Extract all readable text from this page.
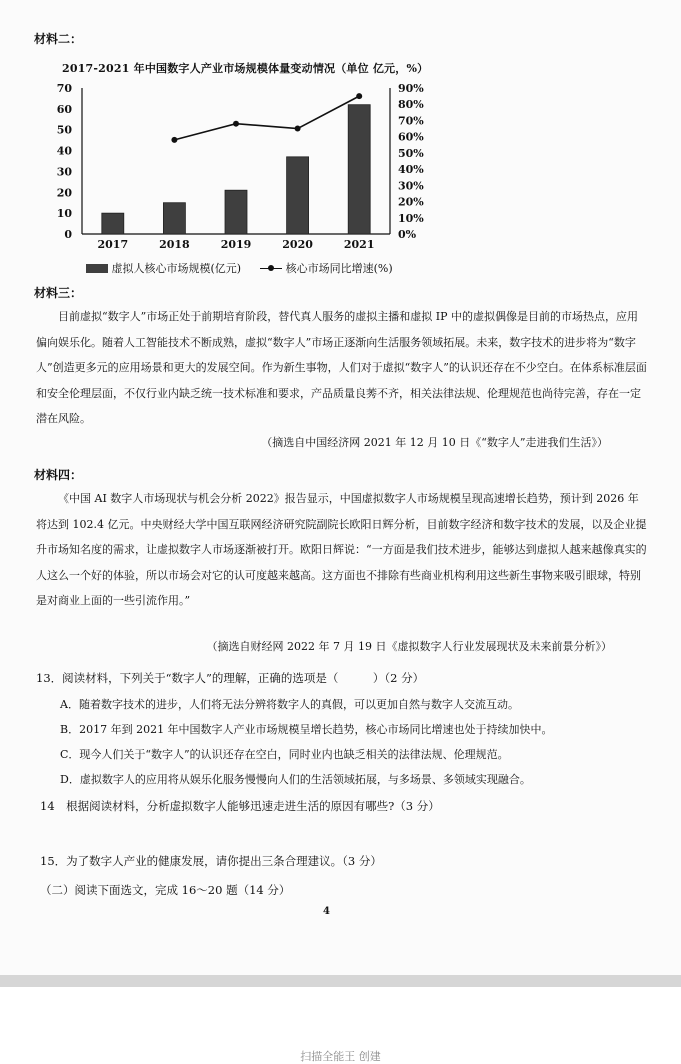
材料二：
2017-2021 年中国数字人产业市场规模体量变动情况（单位 亿元，%）
0
10
20
30
40
50
60
70
0%
10%
20%
30%
40%
50%
60%
70%
80%
90%
2017	2018	2019	2020	2021
虚拟人核心市场规模(亿元)	核心市场同比增速(%)
材料三：
目前虚拟“数字人”市场正处于前期培育阶段，替代真人服务的虚拟主播和虚拟 IP 中的虚拟偶像是目前的市场热点，应用偏向娱乐化。随着人工智能技术不断成熟，虚拟“数字人”市场正逐渐向生活服务领域拓展。未来，数字技术的进步将为“数字人”创造更多元的应用场景和更大的发展空间。作为新生事物，人们对于虚拟“数字人”的认识还存在不少空白。在体系标准层面和安全伦理层面，不仅行业内缺乏统一技术标准和要求，产品质量良莠不齐，相关法律法规、伦理规范也尚待完善，存在一定潜在风险。
（摘选自中国经济网 2021 年 12 月 10 日《“数字人”走进我们生活》）
材料四：
《中国 AI 数字人市场现状与机会分析 2022》报告显示，中国虚拟数字人市场规模呈现高速增长趋势，预计到 2026 年将达到 102.4 亿元。中央财经大学中国互联网经济研究院副院长欧阳日辉分析，目前数字经济和数字技术的发展，以及企业提升市场知名度的需求，让虚拟数字人市场逐渐被打开。欧阳日辉说：“一方面是我们技术进步，能够达到虚拟人越来越像真实的人这么一个好的体验，所以市场会对它的认可度越来越高。这方面也不排除有些商业机构利用这些新生事物来吸引眼球，特别是对商业上面的一些引流作用。”
（摘选自财经网 2022 年 7 月 19 日《虚拟数字人行业发展现状及未来前景分析》）
13．阅读材料，下列关于“数字人”的理解，正确的选项是（　　　）（2 分）
A．随着数字技术的进步，人们将无法分辨将数字人的真假，可以更加自然与数字人交流互动。
B．2017 年到 2021 年中国数字人产业市场规模呈增长趋势，核心市场同比增速也处于持续加快中。
C．现今人们关于“数字人”的认识还存在空白，同时业内也缺乏相关的法律法规、伦理规范。
D．虚拟数字人的应用将从娱乐化服务慢慢向人们的生活领域拓展，与多场景、多领域实现融合。
14　根据阅读材料，分析虚拟数字人能够迅速走进生活的原因有哪些?（3 分）
15．为了数字人产业的健康发展，请你提出三条合理建议。（3 分）
（二）阅读下面选文，完成 16～20 题（14 分）
4
扫描全能王 创建
